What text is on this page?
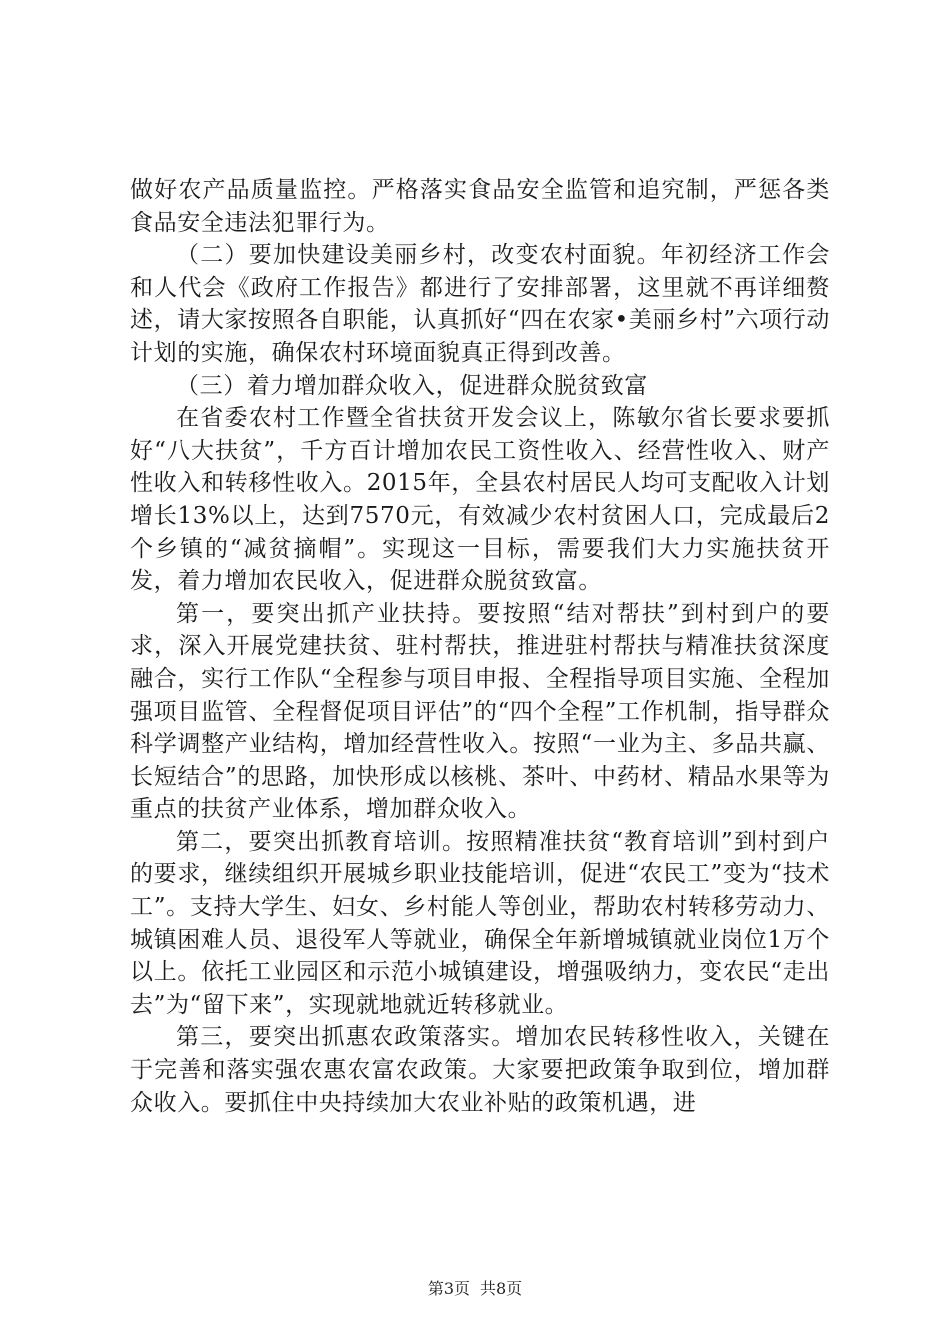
做好农产品质量监控。严格落实食品安全监管和追究制，严惩各类食品安全违法犯罪行为。

（二）要加快建设美丽乡村，改变农村面貌。年初经济工作会和人代会《政府工作报告》都进行了安排部署，这里就不再详细赘述，请大家按照各自职能，认真抓好“四在农家•美丽乡村”六项行动计划的实施，确保农村环境面貌真正得到改善。

（三）着力增加群众收入，促进群众脱贫致富

在省委农村工作暨全省扶贫开发会议上，陈敏尔省长要求要抓好“八大扶贫”，千方百计增加农民工资性收入、经营性收入、财产性收入和转移性收入。2015年，全县农村居民人均可支配收入计划增长13%以上，达到7570元，有效减少农村贫困人口，完成最后2个乡镇的“减贫摘帽”。实现这一目标，需要我们大力实施扶贫开发，着力增加农民收入，促进群众脱贫致富。

第一，要突出抓产业扶持。要按照“结对帮扶”到村到户的要求，深入开展党建扶贫、驻村帮扶，推进驻村帮扶与精准扶贫深度融合，实行工作队“全程参与项目申报、全程指导项目实施、全程加强项目监管、全程督促项目评估”的“四个全程”工作机制，指导群众科学调整产业结构，增加经营性收入。按照“一业为主、多品共赢、长短结合”的思路，加快形成以核桃、茶叶、中药材、精品水果等为重点的扶贫产业体系，增加群众收入。

第二，要突出抓教育培训。按照精准扶贫“教育培训”到村到户的要求，继续组织开展城乡职业技能培训，促进“农民工”变为“技术工”。支持大学生、妇女、乡村能人等创业，帮助农村转移劳动力、城镇困难人员、退役军人等就业，确保全年新增城镇就业岗位1万个以上。依托工业园区和示范小城镇建设，增强吸纳力，变农民“走出去”为“留下来”，实现就地就近转移就业。

第三，要突出抓惠农政策落实。增加农民转移性收入，关键在于完善和落实强农惠农富农政策。大家要把政策争取到位，增加群众收入。要抓住中央持续加大农业补贴的政策机遇，进

第3页 共8页
